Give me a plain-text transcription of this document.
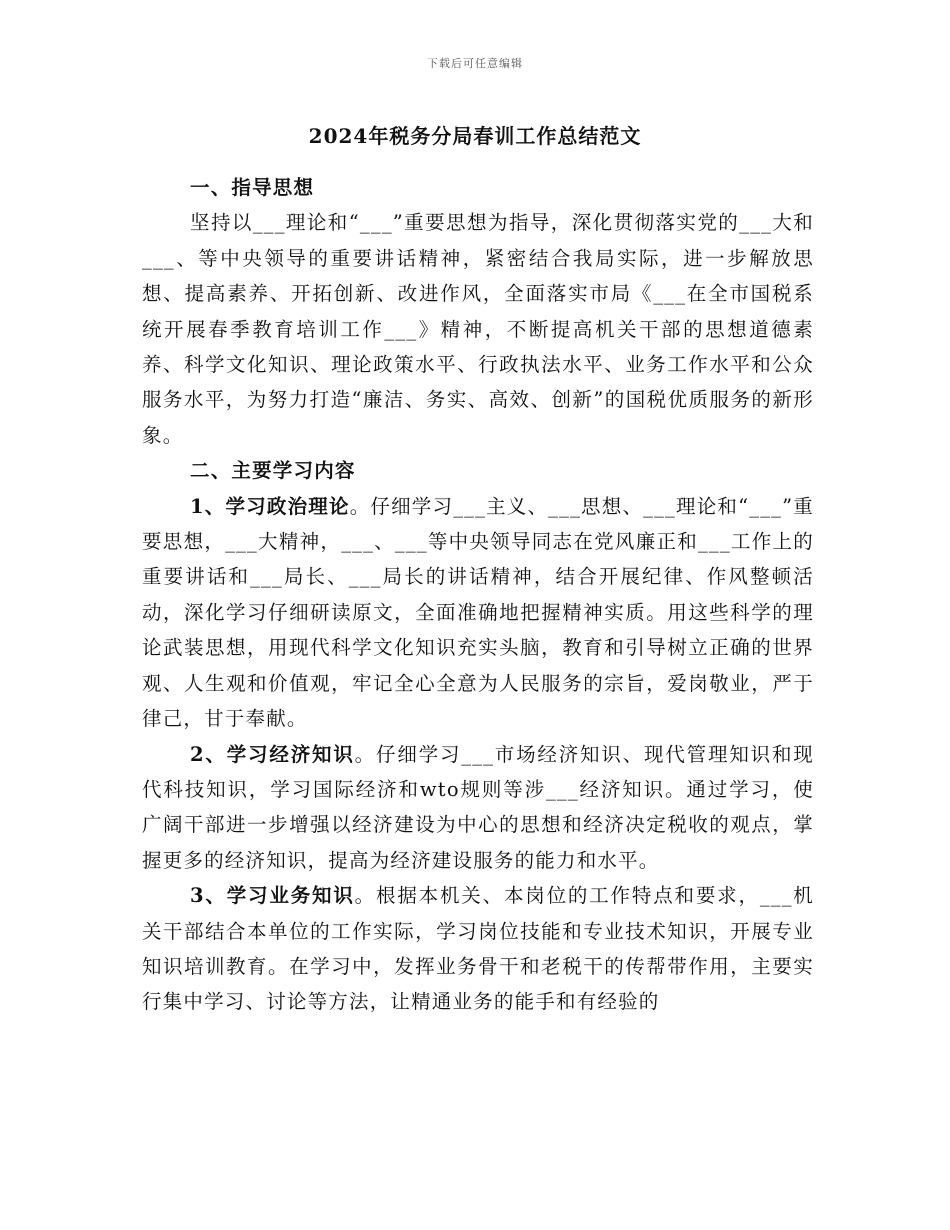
下载后可任意编辑
2024年税务分局春训工作总结范文

一、指导思想

坚持以___理论和“___”重要思想为指导，深化贯彻落实党的___大和___、等中央领导的重要讲话精神，紧密结合我局实际，进一步解放思想、提高素养、开拓创新、改进作风，全面落实市局《___在全市国税系统开展春季教育培训工作___》精神，不断提高机关干部的思想道德素养、科学文化知识、理论政策水平、行政执法水平、业务工作水平和公众服务水平，为努力打造“廉洁、务实、高效、创新”的国税优质服务的新形象。

二、主要学习内容

1、学习政治理论。仔细学习___主义、___思想、___理论和“___”重要思想，___大精神，___、___等中央领导同志在党风廉正和___工作上的重要讲话和___局长、___局长的讲话精神，结合开展纪律、作风整顿活动，深化学习仔细研读原文，全面准确地把握精神实质。用这些科学的理论武装思想，用现代科学文化知识充实头脑，教育和引导树立正确的世界观、人生观和价值观，牢记全心全意为人民服务的宗旨，爱岗敬业，严于律己，甘于奉献。

2、学习经济知识。仔细学习___市场经济知识、现代管理知识和现代科技知识，学习国际经济和wto规则等涉___经济知识。通过学习，使广阔干部进一步增强以经济建设为中心的思想和经济决定税收的观点，掌握更多的经济知识，提高为经济建设服务的能力和水平。

3、学习业务知识。根据本机关、本岗位的工作特点和要求，___机关干部结合本单位的工作实际，学习岗位技能和专业技术知识，开展专业知识培训教育。在学习中，发挥业务骨干和老税干的传帮带作用，主要实行集中学习、讨论等方法，让精通业务的能手和有经验的
